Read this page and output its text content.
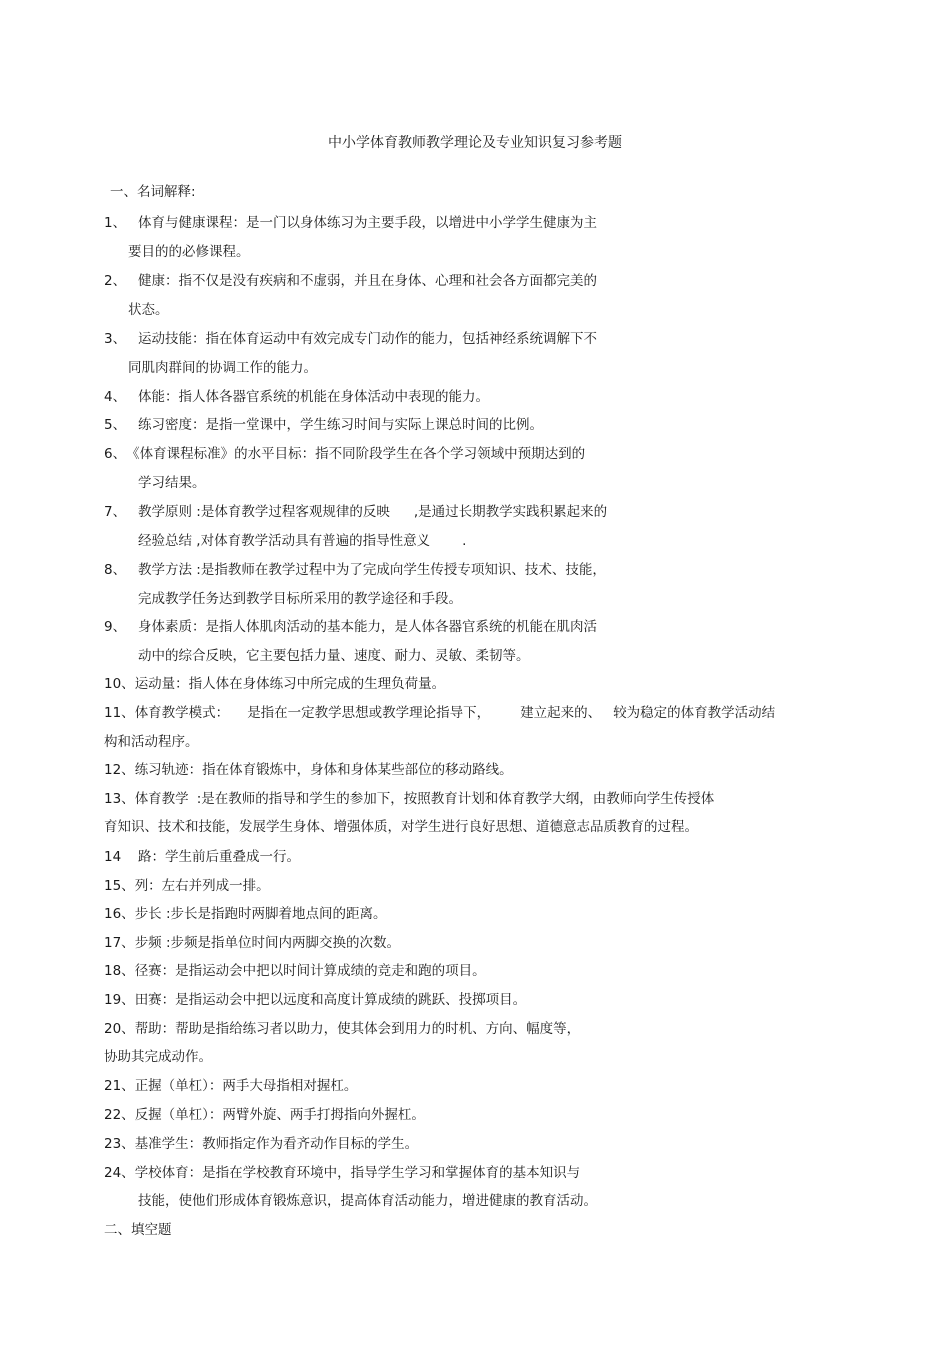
中小学体育教师教学理论及专业知识复习参考题
一、名词解释:
1、 体育与健康课程：是一门以身体练习为主要手段，以增进中小学学生健康为主
要目的的必修课程。
2、 健康：指不仅是没有疾病和不虚弱，并且在身体、心理和社会各方面都完美的
状态。
3、 运动技能：指在体育运动中有效完成专门动作的能力，包括神经系统调解下不
同肌肉群间的协调工作的能力。
4、 体能：指人体各器官系统的机能在身体活动中表现的能力。
5、 练习密度：是指一堂课中，学生练习时间与实际上课总时间的比例。
6、《体育课程标准》的水平目标：指不同阶段学生在各个学习领域中预期达到的
学习结果。
7、 教学原则 :是体育教学过程客观规律的反映 ,是通过长期教学实践积累起来的
经验总结 ,对体育教学活动具有普遍的指导性意义 .
8、 教学方法 :是指教师在教学过程中为了完成向学生传授专项知识、技术、技能，
完成教学任务达到教学目标所采用的教学途径和手段。
9、 身体素质：是指人体肌肉活动的基本能力，是人体各器官系统的机能在肌肉活
动中的综合反映，它主要包括力量、速度、耐力、灵敏、柔韧等。
10、运动量：指人体在身体练习中所完成的生理负荷量。
11、体育教学模式： 是指在一定教学思想或教学理论指导下， 建立起来的、 较为稳定的体育教学活动结
构和活动程序。
12、练习轨迹：指在体育锻炼中，身体和身体某些部位的移动路线。
13、体育教学 :是在教师的指导和学生的参加下，按照教育计划和体育教学大纲，由教师向学生传授体
育知识、技术和技能，发展学生身体、增强体质，对学生进行良好思想、道德意志品质教育的过程。
14 路：学生前后重叠成一行。
15、列：左右并列成一排。
16、步长 :步长是指跑时两脚着地点间的距离。
17、步频 :步频是指单位时间内两脚交换的次数。
18、径赛：是指运动会中把以时间计算成绩的竞走和跑的项目。
19、田赛：是指运动会中把以远度和高度计算成绩的跳跃、投掷项目。
20、帮助：帮助是指给练习者以助力，使其体会到用力的时机、方向、幅度等，
协助其完成动作。
21、正握（单杠）：两手大母指相对握杠。
22、反握（单杠）：两臂外旋、两手打拇指向外握杠。
23、基准学生：教师指定作为看齐动作目标的学生。
24、学校体育：是指在学校教育环境中，指导学生学习和掌握体育的基本知识与
技能，使他们形成体育锻炼意识，提高体育活动能力，增进健康的教育活动。
二、填空题
